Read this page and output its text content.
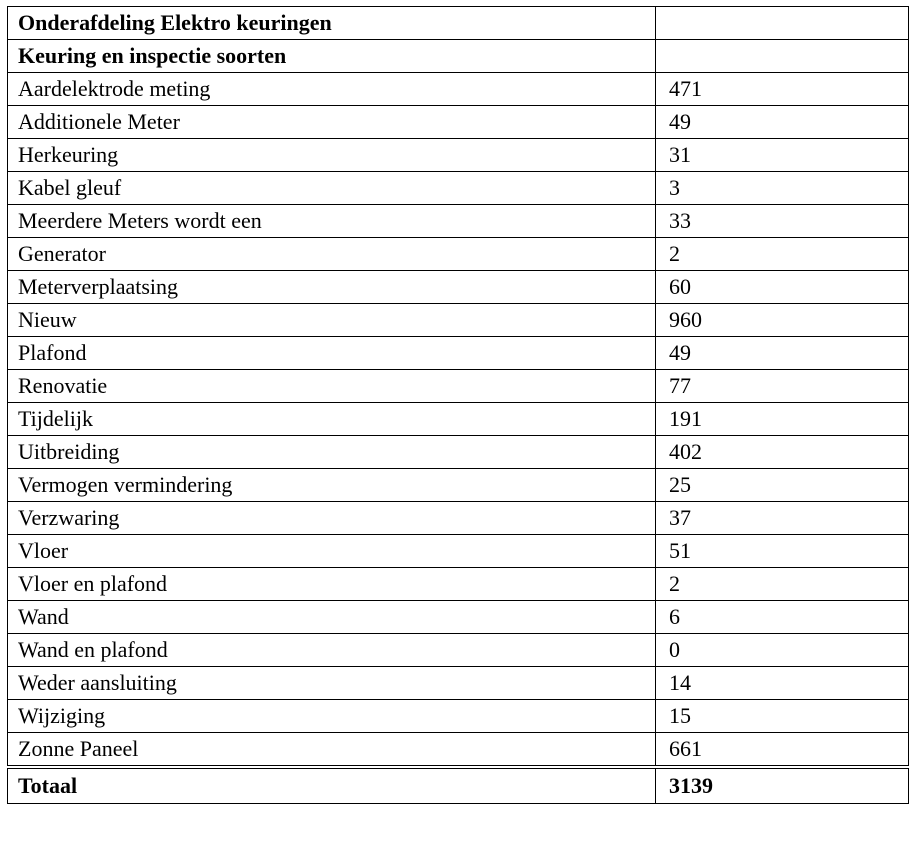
Onderafdeling Elektro keuringen	
Keuring en inspectie soorten	
Aardelektrode meting	471
Additionele Meter	49
Herkeuring	31
Kabel gleuf	3
Meerdere Meters wordt een	33
Generator	2
Meterverplaatsing	60
Nieuw	960
Plafond	49
Renovatie	77
Tijdelijk	191
Uitbreiding	402
Vermogen vermindering	25
Verzwaring	37
Vloer	51
Vloer en plafond	2
Wand	6
Wand en plafond	0
Weder aansluiting	14
Wijziging	15
Zonne Paneel	661
Totaal	3139
